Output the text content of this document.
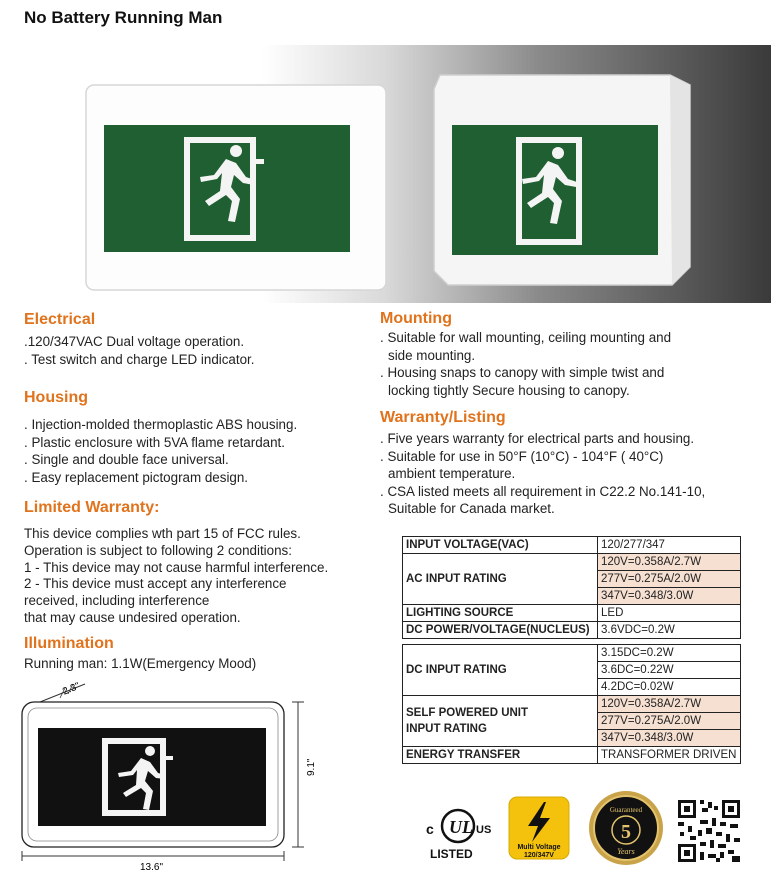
No Battery Running Man
Electrical
.120/347VAC Dual voltage operation.
. Test switch and charge LED indicator.
Housing
. Injection-molded thermoplastic ABS housing.
. Plastic enclosure with 5VA flame retardant.
. Single and double face universal.
. Easy replacement pictogram design.
Limited Warranty:
This device complies wth part 15 of FCC rules.
Operation is subject to following 2 conditions:
1 - This device may not cause harmful interference.
2 - This device must accept any interference
received, including interference
that may cause undesired operation.
Illumination
Running man: 1.1W(Emergency Mood)
2.3"
9.1"
13.6"
Mounting
. Suitable for wall mounting, ceiling mounting and
side mounting.
. Housing snaps to canopy with simple twist and
locking tightly Secure housing to canopy.
Warranty/Listing
. Five years warranty for electrical parts and housing.
. Suitable for use in 50°F (10°C) - 104°F ( 40°C)
ambient temperature.
. CSA listed meets all requirement in C22.2 No.141-10,
Suitable for Canada market.
INPUT VOLTAGE(VAC)	120/277/347
AC INPUT RATING	120V=0.358A/2.7W
	277V=0.275A/2.0W
	347V=0.348/3.0W
LIGHTING SOURCE	LED
DC POWER/VOLTAGE(NUCLEUS)	3.6VDC=0.2W
DC INPUT RATING	3.15DC=0.2W
	3.6DC=0.22W
	4.2DC=0.02W

SELF POWERED UNIT
INPUT RATING	120V=0.358A/2.7W
	277V=0.275A/2.0W
	347V=0.348/3.0W
ENERGY TRANSFER	TRANSFORMER DRIVEN
UL
c	US
LISTED	Multi Voltage
120/347V
Guaranteed
5
Years
